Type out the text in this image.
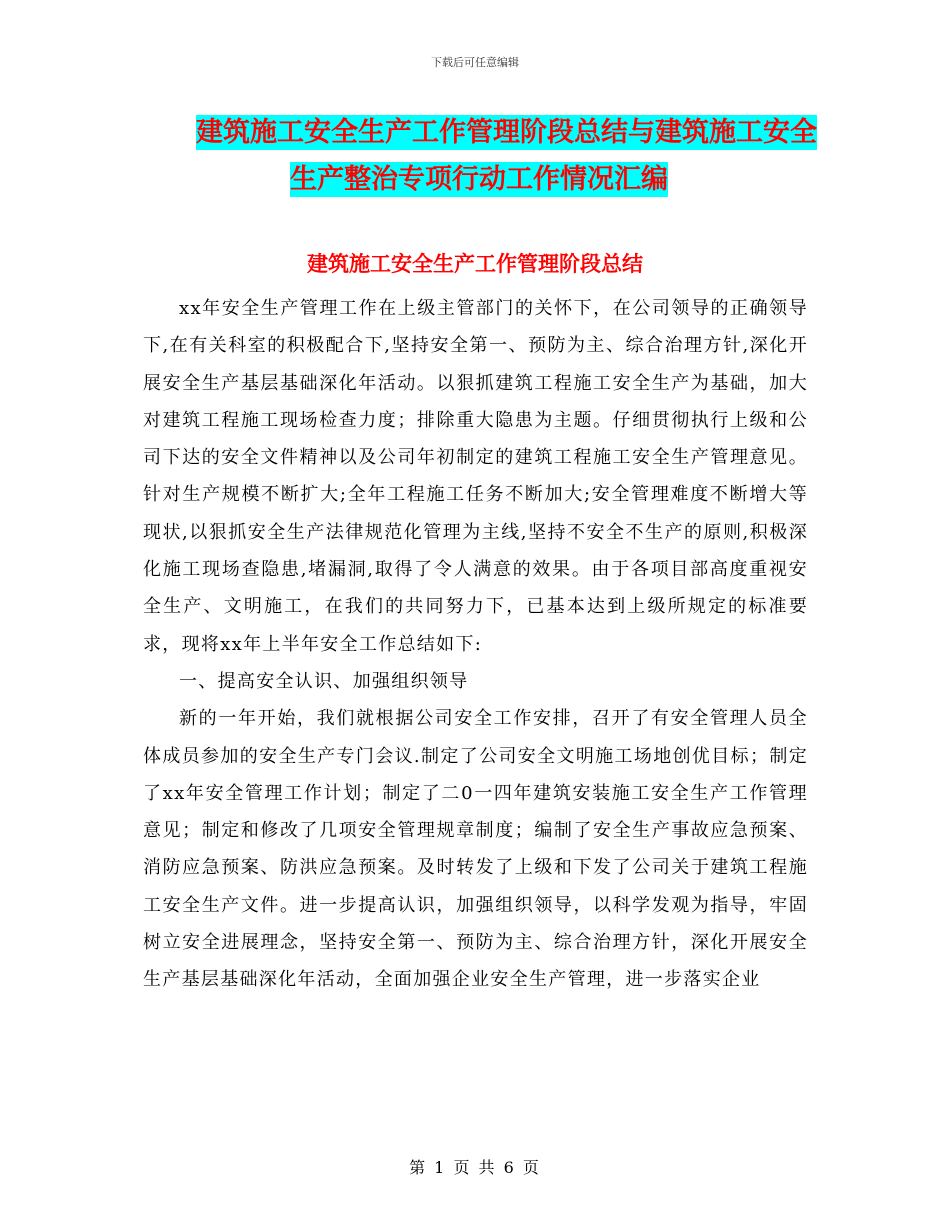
下载后可任意编辑
建筑施工安全生产工作管理阶段总结与建筑施工安全
生产整治专项行动工作情况汇编
建筑施工安全生产工作管理阶段总结

xx年安全生产管理工作在上级主管部门的关怀下，在公司领导的正确领导下,在有关科室的积极配合下,坚持安全第一、预防为主、综合治理方针,深化开展安全生产基层基础深化年活动。以狠抓建筑工程施工安全生产为基础，加大对建筑工程施工现场检查力度；排除重大隐患为主题。仔细贯彻执行上级和公司下达的安全文件精神以及公司年初制定的建筑工程施工安全生产管理意见。针对生产规模不断扩大;全年工程施工任务不断加大;安全管理难度不断增大等现状,以狠抓安全生产法律规范化管理为主线,坚持不安全不生产的原则,积极深化施工现场查隐患,堵漏洞,取得了令人满意的效果。由于各项目部高度重视安全生产、文明施工，在我们的共同努力下，已基本达到上级所规定的标准要求，现将xx年上半年安全工作总结如下:

一、提高安全认识、加强组织领导

新的一年开始，我们就根据公司安全工作安排，召开了有安全管理人员全体成员参加的安全生产专门会议.制定了公司安全文明施工场地创优目标；制定了xx年安全管理工作计划；制定了二0一四年建筑安装施工安全生产工作管理意见；制定和修改了几项安全管理规章制度；编制了安全生产事故应急预案、消防应急预案、防洪应急预案。及时转发了上级和下发了公司关于建筑工程施工安全生产文件。进一步提高认识，加强组织领导，以科学发观为指导，牢固树立安全进展理念，坚持安全第一、预防为主、综合治理方针，深化开展安全生产基层基础深化年活动，全面加强企业安全生产管理，进一步落实企业

第 1 页 共 6 页
